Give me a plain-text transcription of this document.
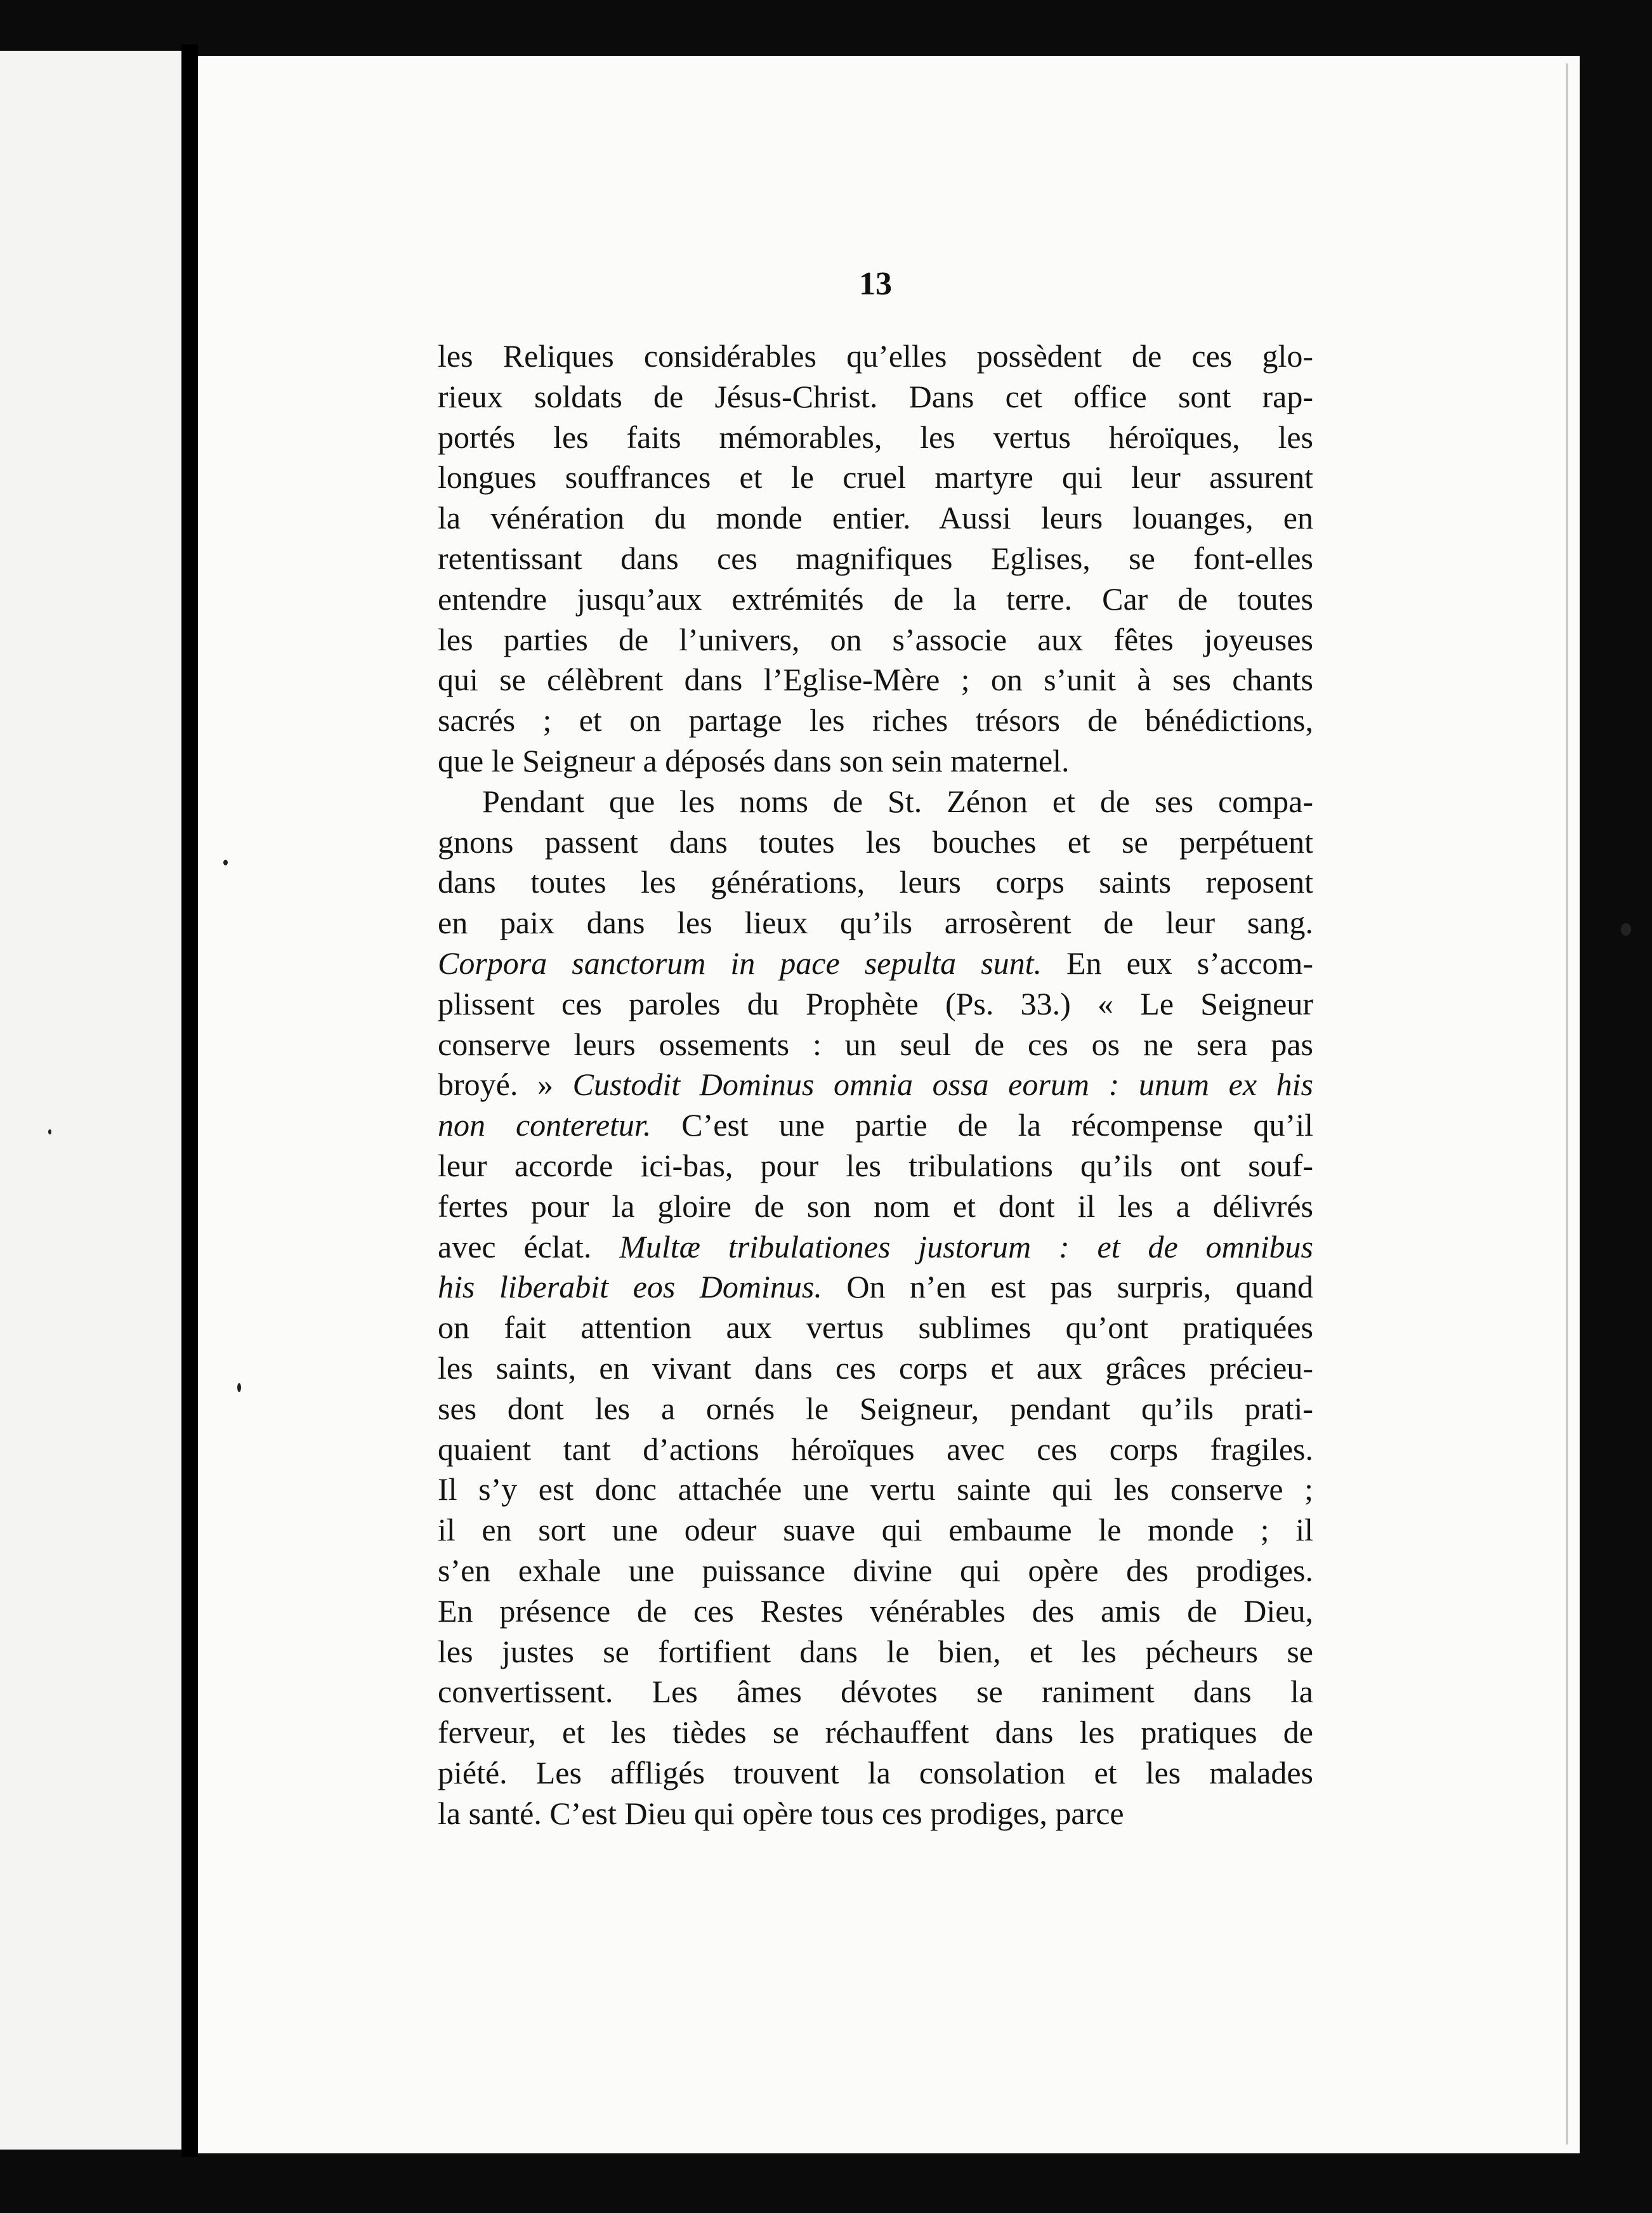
13
les Reliques considérables qu’elles possèdent de ces glo-
rieux soldats de Jésus-Christ. Dans cet office sont rap-
portés les faits mémorables, les vertus héroïques, les
longues souffrances et le cruel martyre qui leur assurent
la vénération du monde entier. Aussi leurs louanges, en
retentissant dans ces magnifiques Eglises, se font-elles
entendre jusqu’aux extrémités de la terre. Car de toutes
les parties de l’univers, on s’associe aux fêtes joyeuses
qui se célèbrent dans l’Eglise-Mère ; on s’unit à ses chants
sacrés ; et on partage les riches trésors de bénédictions,
que le Seigneur a déposés dans son sein maternel.
Pendant que les noms de St. Zénon et de ses compa-
gnons passent dans toutes les bouches et se perpétuent
dans toutes les générations, leurs corps saints reposent
en paix dans les lieux qu’ils arrosèrent de leur sang.
Corpora sanctorum in pace sepulta sunt. En eux s’accom-
plissent ces paroles du Prophète (Ps. 33.) « Le Seigneur
conserve leurs ossements : un seul de ces os ne sera pas
broyé. » Custodit Dominus omnia ossa eorum : unum ex his
non conteretur. C’est une partie de la récompense qu’il
leur accorde ici-bas, pour les tribulations qu’ils ont souf-
fertes pour la gloire de son nom et dont il les a délivrés
avec éclat. Multæ tribulationes justorum : et de omnibus
his liberabit eos Dominus. On n’en est pas surpris, quand
on fait attention aux vertus sublimes qu’ont pratiquées
les saints, en vivant dans ces corps et aux grâces précieu-
ses dont les a ornés le Seigneur, pendant qu’ils prati-
quaient tant d’actions héroïques avec ces corps fragiles.
Il s’y est donc attachée une vertu sainte qui les conserve ;
il en sort une odeur suave qui embaume le monde ; il
s’en exhale une puissance divine qui opère des prodiges.
En présence de ces Restes vénérables des amis de Dieu,
les justes se fortifient dans le bien, et les pécheurs se
convertissent. Les âmes dévotes se raniment dans la
ferveur, et les tièdes se réchauffent dans les pratiques de
piété. Les affligés trouvent la consolation et les malades
la santé. C’est Dieu qui opère tous ces prodiges, parce
